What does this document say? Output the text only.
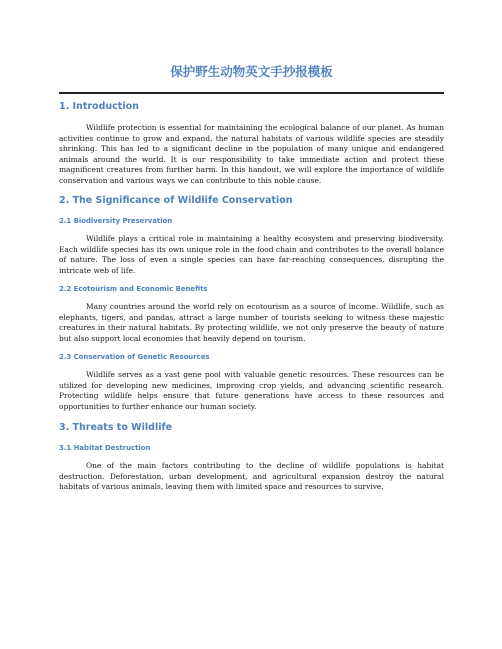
保护野生动物英文手抄报模板
1. Introduction

Wildlife protection is essential for maintaining the ecological balance of our planet. As human activities continue to grow and expand, the natural habitats of various wildlife species are steadily shrinking. This has led to a significant decline in the population of many unique and endangered animals around the world. It is our responsibility to take immediate action and protect these magnificent creatures from further harm. In this handout, we will explore the importance of wildlife conservation and various ways we can contribute to this noble cause.

2. The Significance of Wildlife Conservation
2.1 Biodiversity Preservation

Wildlife plays a critical role in maintaining a healthy ecosystem and preserving biodiversity. Each wildlife species has its own unique role in the food chain and contributes to the overall balance of nature. The loss of even a single species can have far-reaching consequences, disrupting the intricate web of life.

2.2 Ecotourism and Economic Benefits

Many countries around the world rely on ecotourism as a source of income. Wildlife, such as elephants, tigers, and pandas, attract a large number of tourists seeking to witness these majestic creatures in their natural habitats. By protecting wildlife, we not only preserve the beauty of nature but also support local economies that heavily depend on tourism.

2.3 Conservation of Genetic Resources

Wildlife serves as a vast gene pool with valuable genetic resources. These resources can be utilized for developing new medicines, improving crop yields, and advancing scientific research. Protecting wildlife helps ensure that future generations have access to these resources and opportunities to further enhance our human society.

3. Threats to Wildlife
3.1 Habitat Destruction

One of the main factors contributing to the decline of wildlife populations is habitat destruction. Deforestation, urban development, and agricultural expansion destroy the natural habitats of various animals, leaving them with limited space and resources to survive.
